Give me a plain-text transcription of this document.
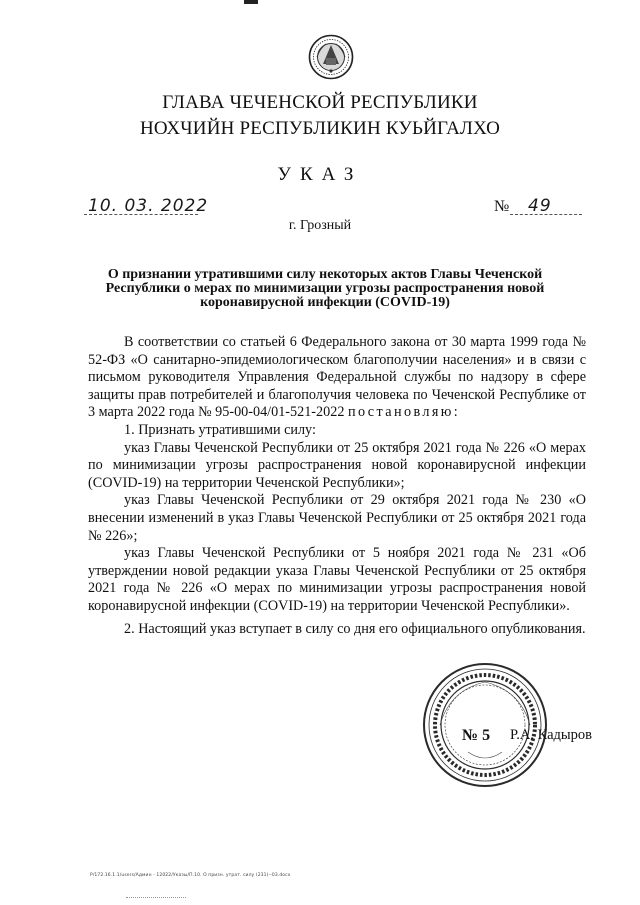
ГЛАВА ЧЕЧЕНСКОЙ РЕСПУБЛИКИ
НОХЧИЙН РЕСПУБЛИКИН КУЬЙГАЛХО
УКАЗ
10. 03. 2022	№ 49
г. Грозный
О признании утратившими силу некоторых актов Главы Чеченской
Республики о мерах по минимизации угрозы распространения новой
коронавирусной инфекции (COVID-19)

В соответствии со статьей 6 Федерального закона от 30 марта 1999 года № 52-ФЗ «О санитарно-эпидемиологическом благополучии населения» и в связи с письмом руководителя Управления Федеральной службы по надзору в сфере защиты прав потребителей и благополучия человека по Чеченской Республике от 3 марта 2022 года № 95-00-04/01-521-2022 постановляю:

1. Признать утратившими силу:

указ Главы Чеченской Республики от 25 октября 2021 года № 226 «О мерах по минимизации угрозы распространения новой коронавирусной инфекции (COVID-19) на территории Чеченской Республики»;

указ Главы Чеченской Республики от 29 октября 2021 года № 230 «О внесении изменений в указ Главы Чеченской Республики от 25 октября 2021 года № 226»;

указ Главы Чеченской Республики от 5 ноября 2021 года № 231 «Об утверждении новой редакции указа Главы Чеченской Республики от 25 октября 2021 года № 226 «О мерах по минимизации угрозы распространения новой коронавирусной инфекции (COVID-19) на территории Чеченской Республики».

2. Настоящий указ вступает в силу со дня его официального опубликования.

№ 5 Р.А. Кадыров
Р/172.16.1.1/users/Админ - 12022/Указы/П.10. О призн. утрат. силу (231)--03.docx
